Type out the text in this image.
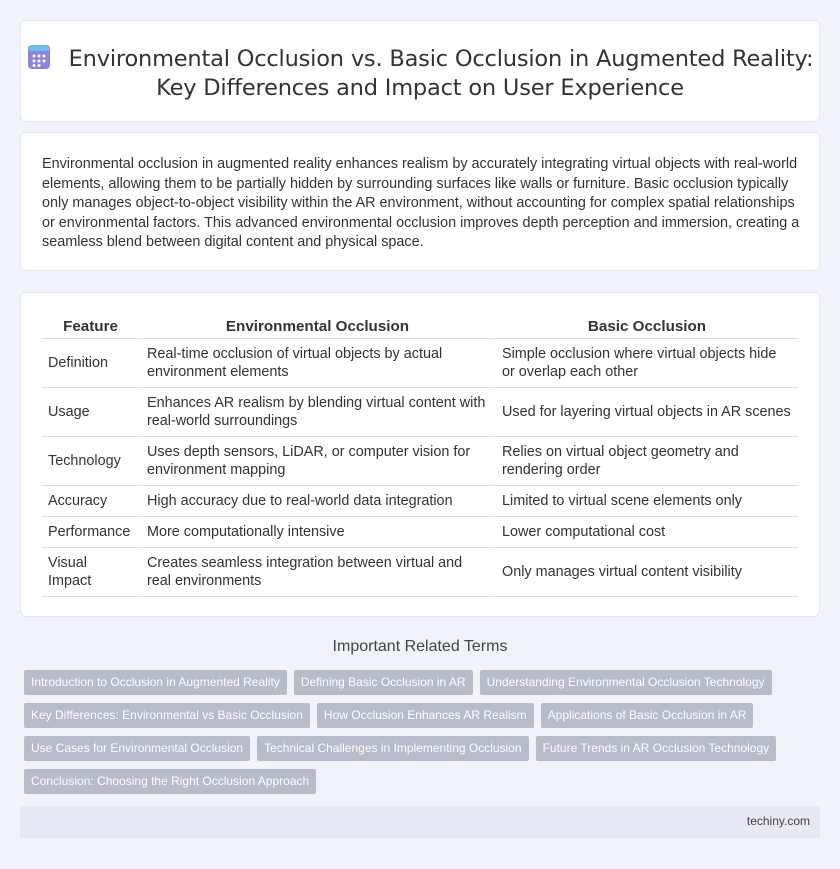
Environmental Occlusion vs. Basic Occlusion in Augmented Reality: Key Differences and Impact on User Experience

Environmental occlusion in augmented reality enhances realism by accurately integrating virtual objects with real-world elements, allowing them to be partially hidden by surrounding surfaces like walls or furniture. Basic occlusion typically only manages object-to-object visibility within the AR environment, without accounting for complex spatial relationships or environmental factors. This advanced environmental occlusion improves depth perception and immersion, creating a seamless blend between digital content and physical space.

Feature	Environmental Occlusion	Basic Occlusion
Definition	Real-time occlusion of virtual objects by actual environment elements	Simple occlusion where virtual objects hide or overlap each other
Usage	Enhances AR realism by blending virtual content with real-world surroundings	Used for layering virtual objects in AR scenes
Technology	Uses depth sensors, LiDAR, or computer vision for environment mapping	Relies on virtual object geometry and rendering order
Accuracy	High accuracy due to real-world data integration	Limited to virtual scene elements only
Performance	More computationally intensive	Lower computational cost
Visual Impact	Creates seamless integration between virtual and real environments	Only manages virtual content visibility
Important Related Terms
Introduction to Occlusion in Augmented Reality	Defining Basic Occlusion in AR	Understanding Environmental Occlusion Technology
Key Differences: Environmental vs Basic Occlusion	How Occlusion Enhances AR Realism	Applications of Basic Occlusion in AR
Use Cases for Environmental Occlusion	Technical Challenges in Implementing Occlusion	Future Trends in AR Occlusion Technology
Conclusion: Choosing the Right Occlusion Approach
techiny.com
